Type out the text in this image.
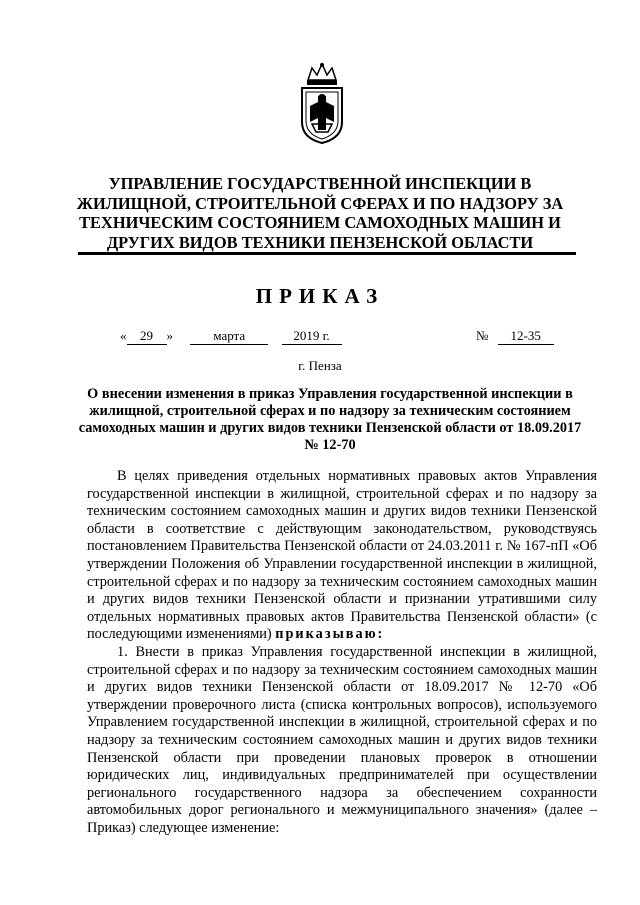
УПРАВЛЕНИЕ ГОСУДАРСТВЕННОЙ ИНСПЕКЦИИ В ЖИЛИЩНОЙ, СТРОИТЕЛЬНОЙ СФЕРАХ И ПО НАДЗОРУ ЗА ТЕХНИЧЕСКИМ СОСТОЯНИЕМ САМОХОДНЫХ МАШИН И ДРУГИХ ВИДОВ ТЕХНИКИ ПЕНЗЕНСКОЙ ОБЛАСТИ
ПРИКАЗ
« 29 »	марта	2019 г.	№ 12-35
г. Пенза
О внесении изменения в приказ Управления государственной инспекции в жилищной, строительной сферах и по надзору за техническим состоянием самоходных машин и других видов техники Пензенской области от 18.09.2017 № 12-70

В целях приведения отдельных нормативных правовых актов Управления государственной инспекции в жилищной, строительной сферах и по надзору за техническим состоянием самоходных машин и других видов техники Пензенской области в соответствие с действующим законодательством, руководствуясь постановлением Правительства Пензенской области от 24.03.2011 г. № 167-пП «Об утверждении Положения об Управлении государственной инспекции в жилищной, строительной сферах и по надзору за техническим состоянием самоходных машин и других видов техники Пензенской области и признании утратившими силу отдельных нормативных правовых актов Правительства Пензенской области» (с последующими изменениями) приказываю:

1. Внести в приказ Управления государственной инспекции в жилищной, строительной сферах и по надзору за техническим состоянием самоходных машин и других видов техники Пензенской области от 18.09.2017 № 12-70 «Об утверждении проверочного листа (списка контрольных вопросов), используемого Управлением государственной инспекции в жилищной, строительной сферах и по надзору за техническим состоянием самоходных машин и других видов техники Пензенской области при проведении плановых проверок в отношении юридических лиц, индивидуальных предпринимателей при осуществлении регионального государственного надзора за обеспечением сохранности автомобильных дорог регионального и межмуниципального значения» (далее – Приказ) следующее изменение:
